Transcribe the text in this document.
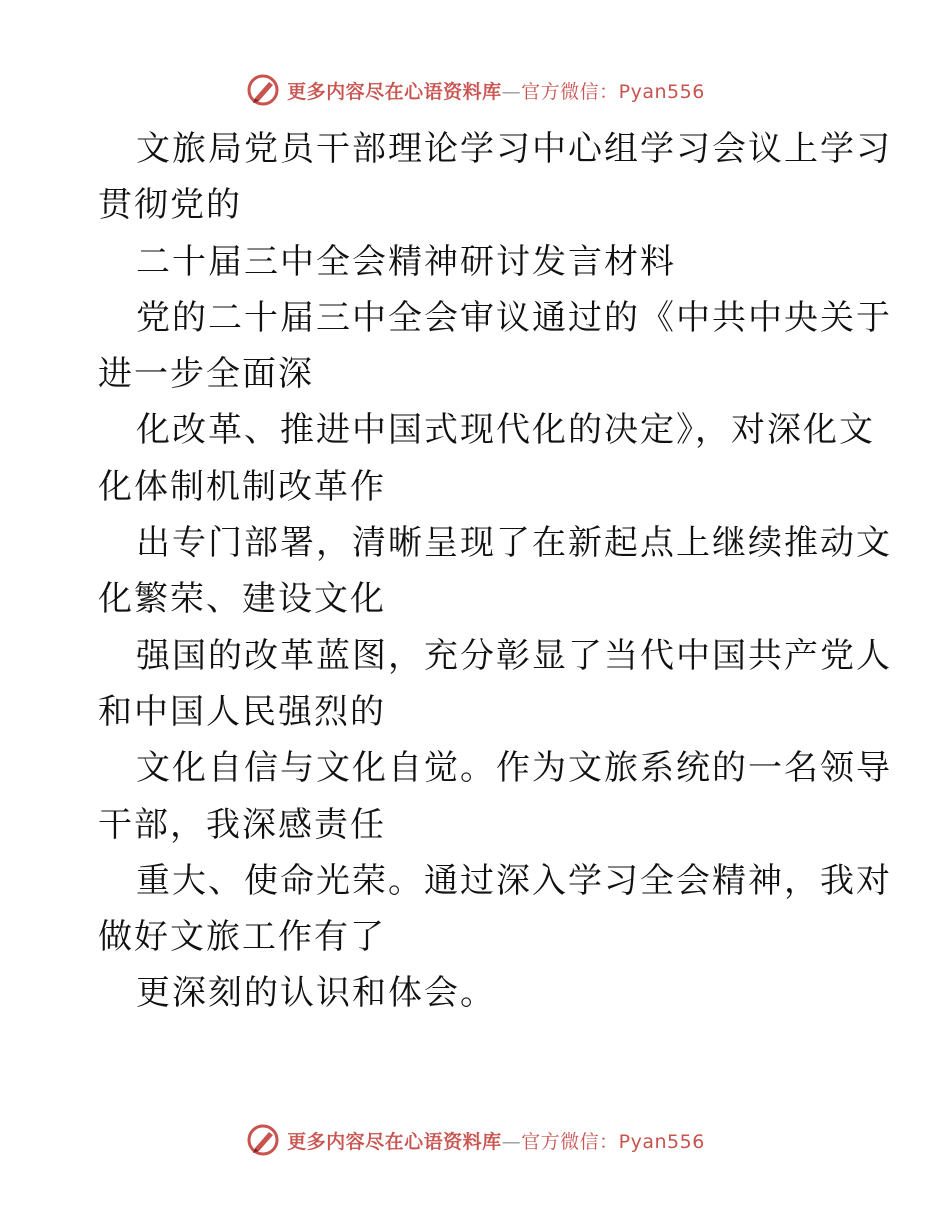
更多内容尽在心语资料库—官方微信：Pyan556
文旅局党员干部理论学习中心组学习会议上学习
贯彻党的
二十届三中全会精神研讨发言材料
党的二十届三中全会审议通过的《中共中央关于
进一步全面深
化改革、推进中国式现代化的决定》，对深化文
化体制机制改革作
出专门部署，清晰呈现了在新起点上继续推动文
化繁荣、建设文化
强国的改革蓝图，充分彰显了当代中国共产党人
和中国人民强烈的
文化自信与文化自觉。作为文旅系统的一名领导
干部，我深感责任
重大、使命光荣。通过深入学习全会精神，我对
做好文旅工作有了
更深刻的认识和体会。
更多内容尽在心语资料库—官方微信：Pyan556
